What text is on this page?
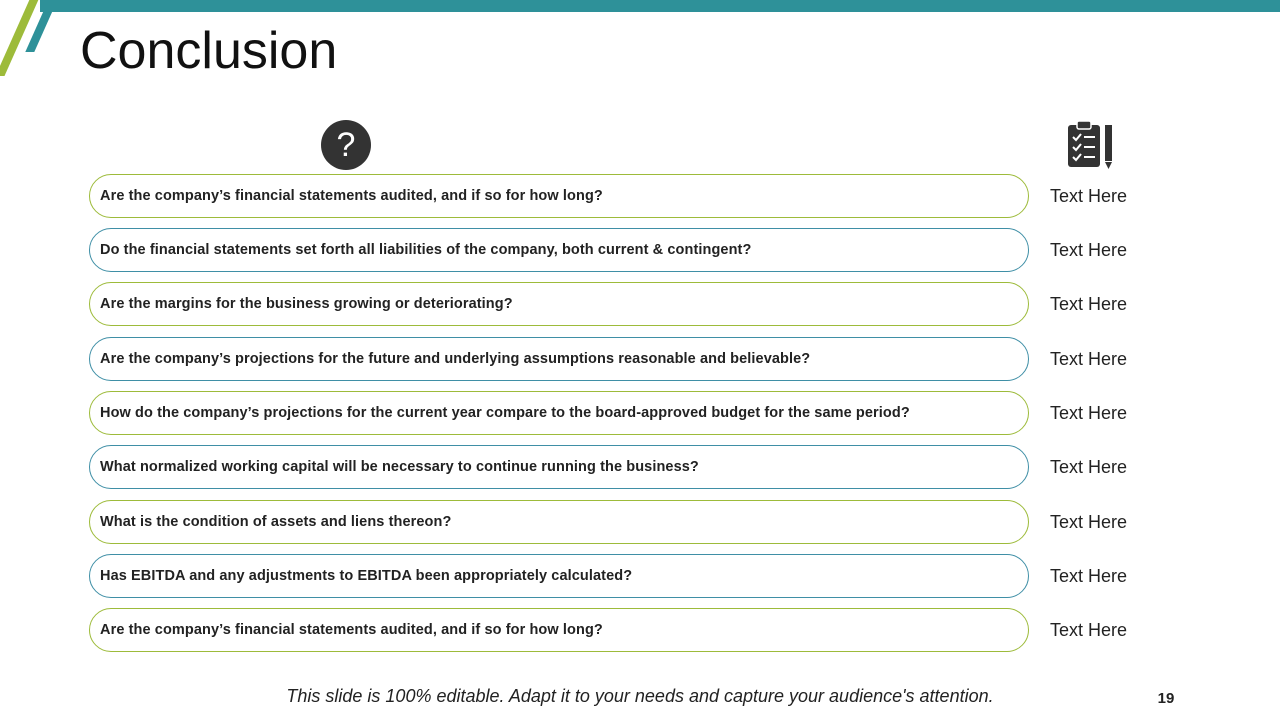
Conclusion
?
Are the company’s financial statements audited, and if so for how long?	Text Here
Do the financial statements set forth all liabilities of the company, both current & contingent?	Text Here
Are the margins for the business growing or deteriorating?	Text Here
Are the company’s projections for the future and underlying assumptions reasonable and believable?	Text Here
How do the company’s projections for the current year compare to the board-approved budget for the same period?	Text Here
What normalized working capital will be necessary to continue running the business?	Text Here
What is the condition of assets and liens thereon?	Text Here
Has EBITDA and any adjustments to EBITDA been appropriately calculated?	Text Here
Are the company’s financial statements audited, and if so for how long?	Text Here
This slide is 100% editable. Adapt it to your needs and capture your audience's attention.	19
